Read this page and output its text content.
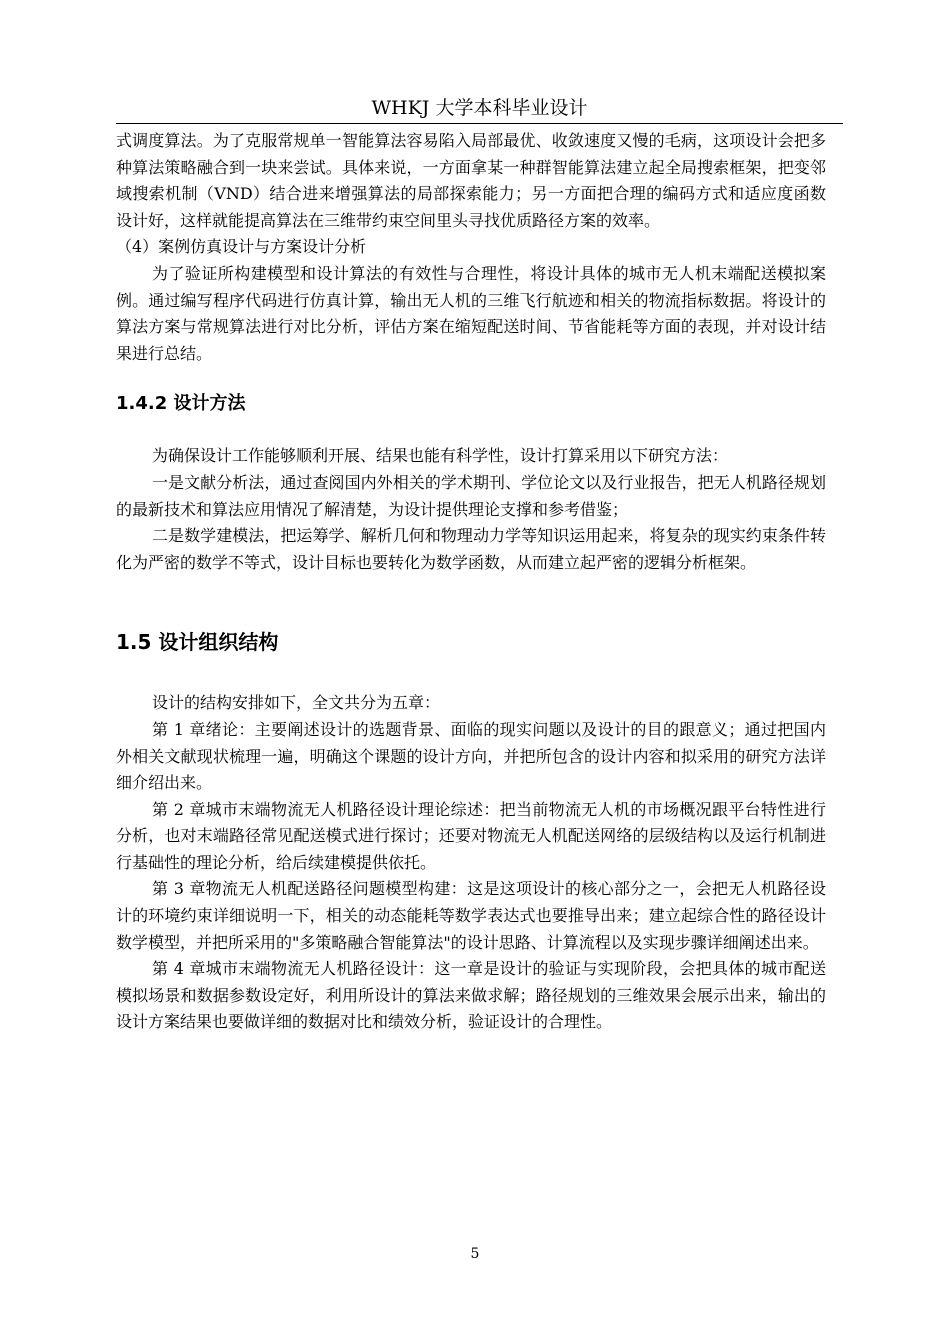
WHKJ 大学本科毕业设计

式调度算法。为了克服常规单一智能算法容易陷入局部最优、收敛速度又慢的毛病，这项设计会把多种算法策略融合到一块来尝试。具体来说，一方面拿某一种群智能算法建立起全局搜索框架，把变邻域搜索机制（VND）结合进来增强算法的局部探索能力；另一方面把合理的编码方式和适应度函数设计好，这样就能提高算法在三维带约束空间里头寻找优质路径方案的效率。

（4）案例仿真设计与方案设计分析

为了验证所构建模型和设计算法的有效性与合理性，将设计具体的城市无人机末端配送模拟案例。通过编写程序代码进行仿真计算，输出无人机的三维飞行航迹和相关的物流指标数据。将设计的算法方案与常规算法进行对比分析，评估方案在缩短配送时间、节省能耗等方面的表现，并对设计结果进行总结。

1.4.2 设计方法

为确保设计工作能够顺利开展、结果也能有科学性，设计打算采用以下研究方法：

一是文献分析法，通过查阅国内外相关的学术期刊、学位论文以及行业报告，把无人机路径规划的最新技术和算法应用情况了解清楚，为设计提供理论支撑和参考借鉴；

二是数学建模法，把运筹学、解析几何和物理动力学等知识运用起来，将复杂的现实约束条件转化为严密的数学不等式，设计目标也要转化为数学函数，从而建立起严密的逻辑分析框架。

1.5 设计组织结构

设计的结构安排如下，全文共分为五章：

第 1 章绪论：主要阐述设计的选题背景、面临的现实问题以及设计的目的跟意义；通过把国内外相关文献现状梳理一遍，明确这个课题的设计方向，并把所包含的设计内容和拟采用的研究方法详细介绍出来。

第 2 章城市末端物流无人机路径设计理论综述：把当前物流无人机的市场概况跟平台特性进行分析，也对末端路径常见配送模式进行探讨；还要对物流无人机配送网络的层级结构以及运行机制进行基础性的理论分析，给后续建模提供依托。

第 3 章物流无人机配送路径问题模型构建：这是这项设计的核心部分之一，会把无人机路径设计的环境约束详细说明一下，相关的动态能耗等数学表达式也要推导出来；建立起综合性的路径设计数学模型，并把所采用的"多策略融合智能算法"的设计思路、计算流程以及实现步骤详细阐述出来。

第 4 章城市末端物流无人机路径设计：这一章是设计的验证与实现阶段，会把具体的城市配送模拟场景和数据参数设定好，利用所设计的算法来做求解；路径规划的三维效果会展示出来，输出的设计方案结果也要做详细的数据对比和绩效分析，验证设计的合理性。

5
